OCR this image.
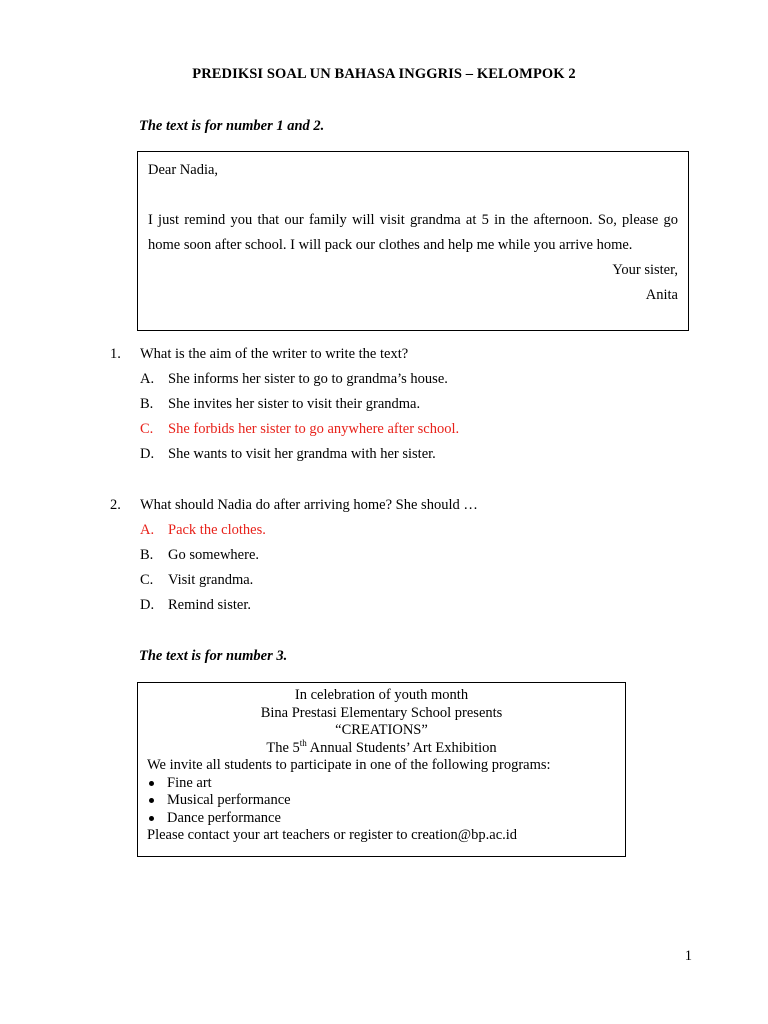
PREDIKSI SOAL UN BAHASA INGGRIS – KELOMPOK 2
The text is for number 1 and 2.

Dear Nadia,

I just remind you that our family will visit grandma at 5 in the afternoon. So, please go home soon after school. I will pack our clothes and help me while you arrive home.

Your sister,

Anita

1.	What is the aim of the writer to write the text?
A. She informs her sister to go to grandma’s house.
B.	She invites her sister to visit their grandma.
C.	She forbids her sister to go anywhere after school.
D. She wants to visit her grandma with her sister.
2.	What should Nadia do after arriving home? She should …
A. Pack the clothes.
B.	Go somewhere.
C.	Visit grandma.
D. Remind sister.
The text is for number 3.
In celebration of youth month
Bina Prestasi Elementary School presents
“CREATIONS”
The 5th Annual Students’ Art Exhibition
We invite all students to participate in one of the following programs:
Fine art
Musical performance
Dance performance
Please contact your art teachers or register to creation@bp.ac.id
1
